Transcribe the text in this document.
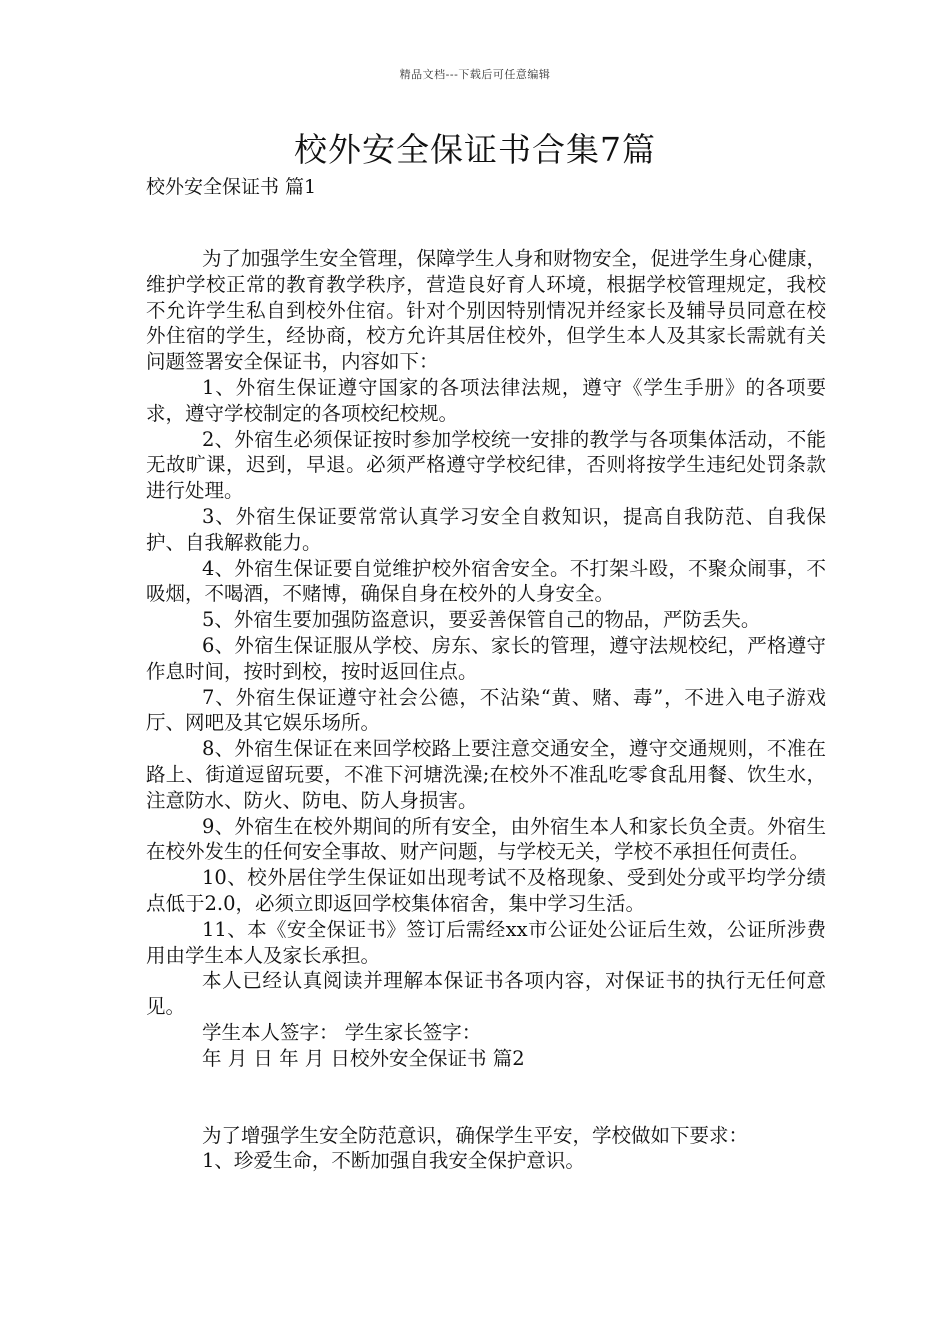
精品文档---下载后可任意编辑
校外安全保证书合集7篇
校外安全保证书 篇1

为了加强学生安全管理，保障学生人身和财物安全，促进学生身心健康，维护学校正常的教育教学秩序，营造良好育人环境，根据学校管理规定，我校不允许学生私自到校外住宿。针对个别因特别情况并经家长及辅导员同意在校外住宿的学生，经协商，校方允许其居住校外，但学生本人及其家长需就有关问题签署安全保证书，内容如下：

1、外宿生保证遵守国家的各项法律法规，遵守《学生手册》的各项要求，遵守学校制定的各项校纪校规。

2、外宿生必须保证按时参加学校统一安排的教学与各项集体活动，不能无故旷课，迟到，早退。必须严格遵守学校纪律，否则将按学生违纪处罚条款进行处理。

3、外宿生保证要常常认真学习安全自救知识，提高自我防范、自我保护、自我解救能力。

4、外宿生保证要自觉维护校外宿舍安全。不打架斗殴，不聚众闹事，不吸烟，不喝酒，不赌博，确保自身在校外的人身安全。

5、外宿生要加强防盗意识，要妥善保管自己的物品，严防丢失。

6、外宿生保证服从学校、房东、家长的管理，遵守法规校纪，严格遵守作息时间，按时到校，按时返回住点。

7、外宿生保证遵守社会公德，不沾染“黄、赌、毒”，不进入电子游戏厅、网吧及其它娱乐场所。

8、外宿生保证在来回学校路上要注意交通安全，遵守交通规则，不准在路上、街道逗留玩要，不准下河塘洗澡;在校外不准乱吃零食乱用餐、饮生水，注意防水、防火、防电、防人身损害。

9、外宿生在校外期间的所有安全，由外宿生本人和家长负全责。外宿生在校外发生的任何安全事故、财产问题，与学校无关，学校不承担任何责任。

10、校外居住学生保证如出现考试不及格现象、受到处分或平均学分绩点低于2.0，必须立即返回学校集体宿舍，集中学习生活。

11、本《安全保证书》签订后需经xx市公证处公证后生效，公证所涉费用由学生本人及家长承担。

本人已经认真阅读并理解本保证书各项内容，对保证书的执行无任何意见。

学生本人签字： 学生家长签字：

年 月 日 年 月 日校外安全保证书 篇2

为了增强学生安全防范意识，确保学生平安，学校做如下要求：

1、珍爱生命，不断加强自我安全保护意识。
